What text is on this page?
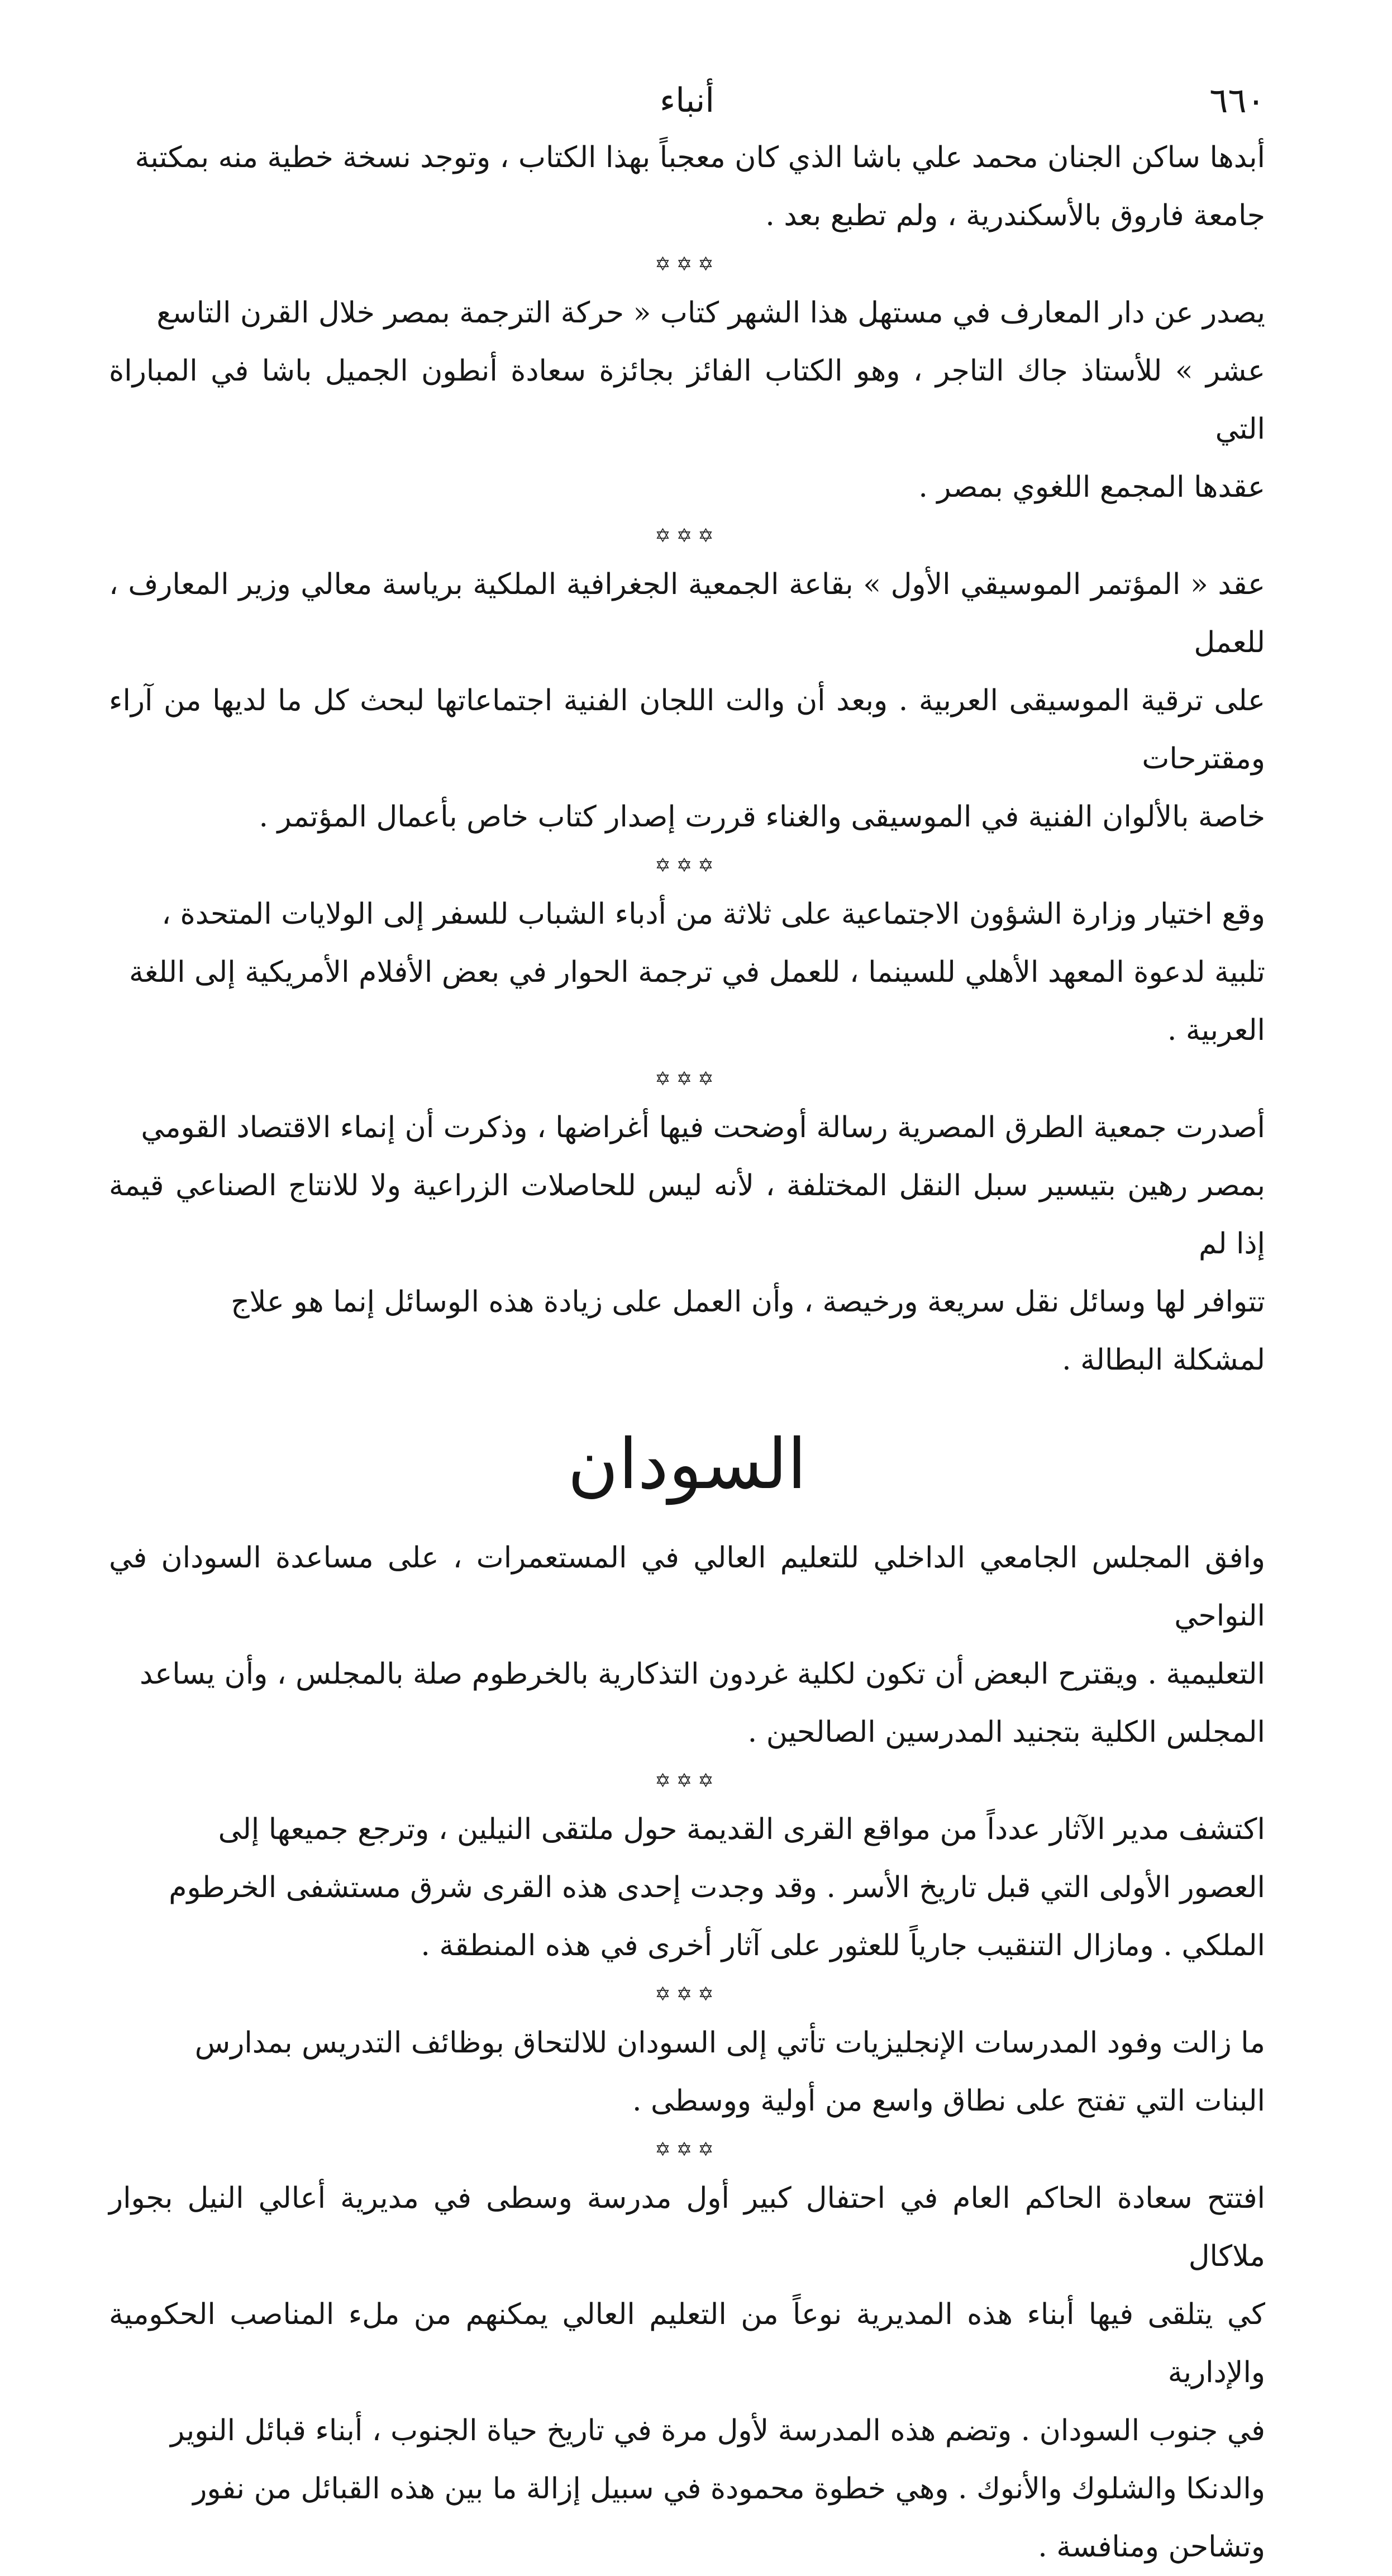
٦٦٠
أنباء

أبدها ساكن الجنان محمد علي باشا الذي كان معجباً بهذا الكتاب ، وتوجد نسخة خطية منه بمكتبة

جامعة فاروق بالأسكندرية ، ولم تطبع بعد .

✡✡✡

يصدر عن دار المعارف في مستهل هذا الشهر كتاب « حركة الترجمة بمصر خلال القرن التاسع

عشر » للأستاذ جاك التاجر ، وهو الكتاب الفائز بجائزة سعادة أنطون الجميل باشا في المباراة التي

عقدها المجمع اللغوي بمصر .

✡✡✡

عقد « المؤتمر الموسيقي الأول » بقاعة الجمعية الجغرافية الملكية برياسة معالي وزير المعارف ، للعمل

على ترقية الموسيقى العربية . وبعد أن والت اللجان الفنية اجتماعاتها لبحث كل ما لديها من آراء ومقترحات

خاصة بالألوان الفنية في الموسيقى والغناء قررت إصدار كتاب خاص بأعمال المؤتمر .

✡✡✡

وقع اختيار وزارة الشؤون الاجتماعية على ثلاثة من أدباء الشباب للسفر إلى الولايات المتحدة ،

تلبية لدعوة المعهد الأهلي للسينما ، للعمل في ترجمة الحوار في بعض الأفلام الأمريكية إلى اللغة العربية .

✡✡✡

أصدرت جمعية الطرق المصرية رسالة أوضحت فيها أغراضها ، وذكرت أن إنماء الاقتصاد القومي

بمصر رهين بتيسير سبل النقل المختلفة ، لأنه ليس للحاصلات الزراعية ولا للانتاج الصناعي قيمة إذا لم

تتوافر لها وسائل نقل سريعة ورخيصة ، وأن العمل على زيادة هذه الوسائل إنما هو علاج

لمشكلة البطالة .

السودان

وافق المجلس الجامعي الداخلي للتعليم العالي في المستعمرات ، على مساعدة السودان في النواحي

التعليمية . ويقترح البعض أن تكون لكلية غردون التذكارية بالخرطوم صلة بالمجلس ، وأن يساعد

المجلس الكلية بتجنيد المدرسين الصالحين .

✡✡✡

اكتشف مدير الآثار عدداً من مواقع القرى القديمة حول ملتقى النيلين ، وترجع جميعها إلى

العصور الأولى التي قبل تاريخ الأسر . وقد وجدت إحدى هذه القرى شرق مستشفى الخرطوم

الملكي . ومازال التنقيب جارياً للعثور على آثار أخرى في هذه المنطقة .

✡✡✡

ما زالت وفود المدرسات الإنجليزيات تأتي إلى السودان للالتحاق بوظائف التدريس بمدارس

البنات التي تفتح على نطاق واسع من أولية ووسطى .

✡✡✡

افتتح سعادة الحاكم العام في احتفال كبير أول مدرسة وسطى في مديرية أعالي النيل بجوار ملاكال

كي يتلقى فيها أبناء هذه المديرية نوعاً من التعليم العالي يمكنهم من ملء المناصب الحكومية والإدارية

في جنوب السودان . وتضم هذه المدرسة لأول مرة في تاريخ حياة الجنوب ، أبناء قبائل النوير

والدنكا والشلوك والأنوك . وهي خطوة محمودة في سبيل إزالة ما بين هذه القبائل من نفور

وتشاحن ومنافسة .
